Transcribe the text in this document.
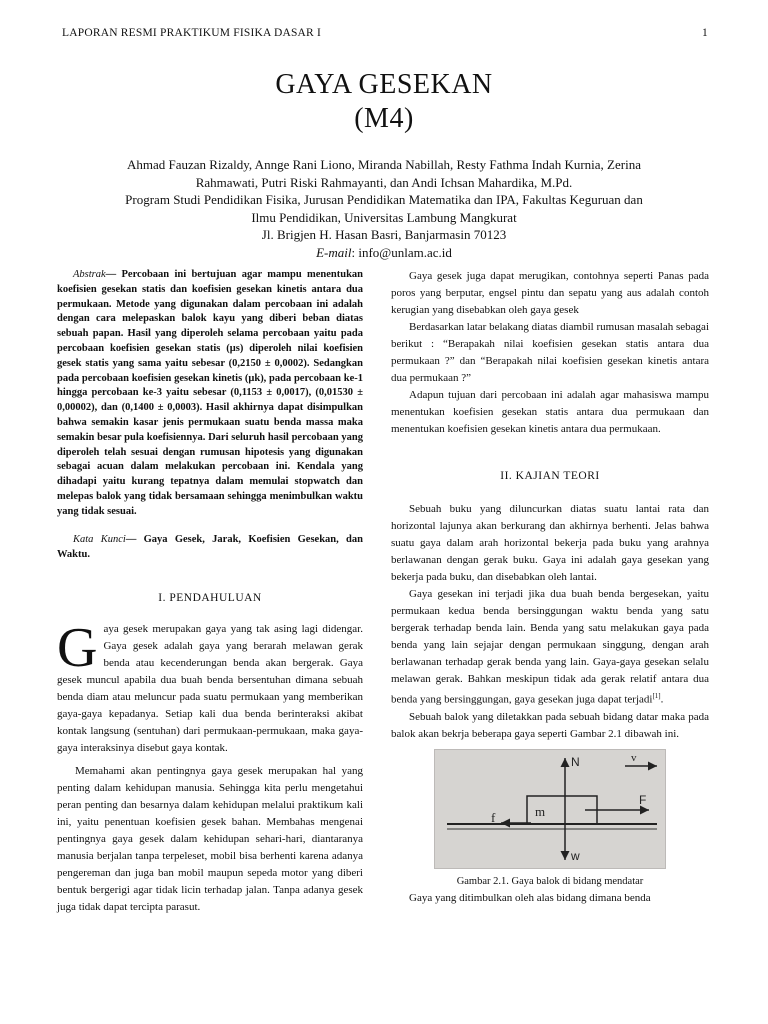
LAPORAN RESMI PRAKTIKUM FISIKA DASAR I	1
GAYA GESEKAN
(M4)
Ahmad Fauzan Rizaldy, Annge Rani Liono, Miranda Nabillah, Resty Fathma Indah Kurnia, Zerina
Rahmawati, Putri Riski Rahmayanti, dan Andi Ichsan Mahardika, M.Pd.
Program Studi Pendidikan Fisika, Jurusan Pendidikan Matematika dan IPA, Fakultas Keguruan dan
Ilmu Pendidikan, Universitas Lambung Mangkurat
Jl. Brigjen H. Hasan Basri, Banjarmasin 70123
E-mail: info@unlam.ac.id

Abstrak— Percobaan ini bertujuan agar mampu menentukan koefisien gesekan statis dan koefisien gesekan kinetis antara dua permukaan. Metode yang digunakan dalam percobaan ini adalah dengan cara melepaskan balok kayu yang diberi beban diatas sebuah papan. Hasil yang diperoleh selama percobaan yaitu pada percobaan koefisien gesekan statis (μs) diperoleh nilai koefisien gesek statis yang sama yaitu sebesar (0,2150 ± 0,0002). Sedangkan pada percobaan koefisien gesekan kinetis (μk), pada percobaan ke-1 hingga percobaan ke-3 yaitu sebesar (0,1153 ± 0,0017), (0,01530 ± 0,00002), dan (0,1400 ± 0,0003). Hasil akhirnya dapat disimpulkan bahwa semakin kasar jenis permukaan suatu benda massa maka semakin besar pula koefisiennya. Dari seluruh hasil percobaan yang diperoleh telah sesuai dengan rumusan hipotesis yang digunakan sebagai acuan dalam melakukan percobaan ini. Kendala yang dihadapi yaitu kurang tepatnya dalam memulai stopwatch dan melepas balok yang tidak bersamaan sehingga menimbulkan waktu yang tidak sesuai.

Kata Kunci— Gaya Gesek, Jarak, Koefisien Gesekan, dan Waktu.

I. PENDAHULUAN

Gaya gesek merupakan gaya yang tak asing lagi didengar. Gaya gesek adalah gaya yang berarah melawan gerak benda atau kecenderungan benda akan bergerak. Gaya gesek muncul apabila dua buah benda bersentuhan dimana sebuah benda diam atau meluncur pada suatu permukaan yang memberikan gaya-gaya kepadanya. Setiap kali dua benda berinteraksi akibat kontak langsung (sentuhan) dari permukaan-permukaan, maka gaya-gaya interaksinya disebut gaya kontak.

Memahami akan pentingnya gaya gesek merupakan hal yang penting dalam kehidupan manusia. Sehingga kita perlu mengetahui peran penting dan besarnya dalam kehidupan melalui praktikum kali ini, yaitu penentuan koefisien gesek bahan. Membahas mengenai pentingnya gaya gesek dalam kehidupan sehari-hari, diantaranya manusia berjalan tanpa terpeleset, mobil bisa berhenti karena adanya pengereman dan juga ban mobil maupun sepeda motor yang diberi bentuk bergerigi agar tidak licin terhadap jalan. Tanpa adanya gesek juga tidak dapat tercipta parasut.

Gaya gesek juga dapat merugikan, contohnya seperti Panas pada poros yang berputar, engsel pintu dan sepatu yang aus adalah contoh kerugian yang disebabkan oleh gaya gesek

Berdasarkan latar belakang diatas diambil rumusan masalah sebagai berikut : “Berapakah nilai koefisien gesekan statis antara dua permukaan ?” dan “Berapakah nilai koefisien gesekan kinetis antara dua permukaan ?”

Adapun tujuan dari percobaan ini adalah agar mahasiswa mampu menentukan koefisien gesekan statis antara dua permukaan dan menentukan koefisien gesekan kinetis antara dua permukaan.

II. KAJIAN TEORI

Sebuah buku yang diluncurkan diatas suatu lantai rata dan horizontal lajunya akan berkurang dan akhirnya berhenti. Jelas bahwa suatu gaya dalam arah horizontal bekerja pada buku yang arahnya berlawanan dengan gerak buku. Gaya ini adalah gaya gesekan yang bekerja pada buku, dan disebabkan oleh lantai.

Gaya gesekan ini terjadi jika dua buah benda bergesekan, yaitu permukaan kedua benda bersinggungan waktu benda yang satu bergerak terhadap benda lain. Benda yang satu melakukan gaya pada benda yang lain sejajar dengan permukaan singgung, dengan arah berlawanan terhadap gerak benda yang lain. Gaya-gaya gesekan selalu melawan gerak. Bahkan meskipun tidak ada gerak relatif antara dua benda yang bersinggungan, gaya gesekan juga dapat terjadi[1].

Sebuah balok yang diletakkan pada sebuah bidang datar maka pada balok akan bekrja beberapa gaya seperti Gambar 2.1 dibawah ini.

N	v
F
m
f
w
Gambar 2.1. Gaya balok di bidang mendatar

Gaya yang ditimbulkan oleh alas bidang dimana benda
